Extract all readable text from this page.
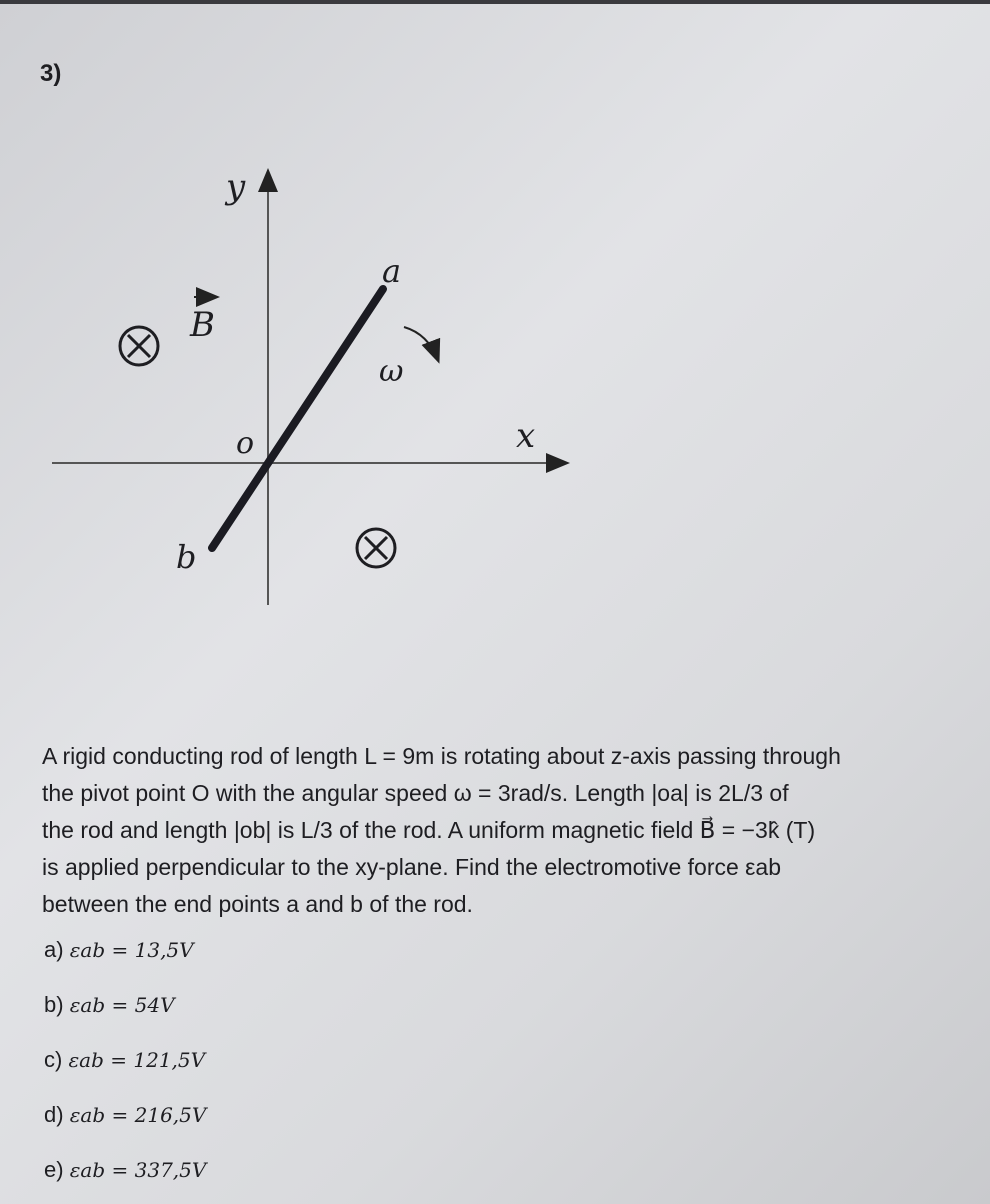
3)
y
x
o
a
b
B
ω
A rigid conducting rod of length L = 9m is rotating about z-axis passing through
the pivot point O with the angular speed ω = 3rad/s. Length |oa| is 2L/3 of
the rod and length |ob| is L/3 of the rod. A uniform magnetic field B⃗ = −3k̂ (T)
is applied perpendicular to the xy-plane. Find the electromotive force εab
between the end points a and b of the rod.
a) εab = 13,5V
b) εab = 54V
c) εab = 121,5V
d) εab = 216,5V
e) εab = 337,5V
